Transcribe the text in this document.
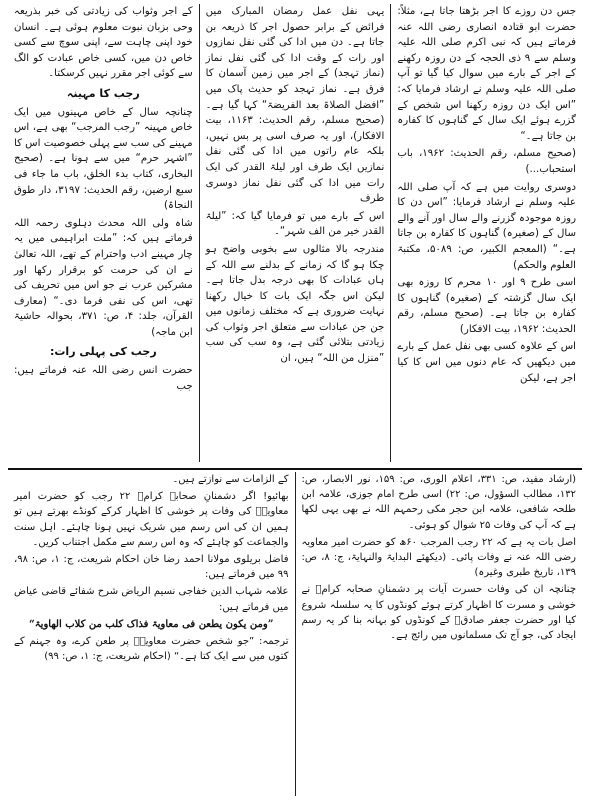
جس دن روزے کا اجر بڑھتا جاتا ہے، مثلاً: حضرت ابو قتادہ انصاری رضی اللہ عنہ فرماتے ہیں کہ نبی اکرم صلی اللہ علیہ وسلم سے ۹ ذی الحجہ کے دن روزہ رکھنے کے اجر کے بارے میں سوال کیا گیا تو آپ صلی اللہ علیہ وسلم نے ارشاد فرمایا کہ: ”اس ایک دن روزہ رکھنا اس شخص کے گزرے ہوئے ایک سال کے گناہوں کا کفارہ بن جاتا ہے۔“

(صحیح مسلم، رقم الحدیث: ۱۹۶۲، باب استحباب...)

دوسری روایت میں ہے کہ آپ صلی اللہ علیہ وسلم نے ارشاد فرمایا: ”اس دن کا روزہ موجودہ گزرنے والے سال اور آنے والے سال کے (صغیرہ) گناہوں کا کفارہ بن جاتا ہے۔“ (المعجم الکبیر، ص: ۵۰۸۹، مکتبۃ العلوم والحکم)

اسی طرح ۹ اور ۱۰ محرم کا روزہ بھی ایک سال گزشتہ کے (صغیرہ) گناہوں کا کفارہ بن جاتا ہے۔ (صحیح مسلم، رقم الحدیث: ۱۹۶۲، بیت الافکار)

اس کے علاوہ کسی بھی نفل عمل کے بارے میں دیکھیں کہ عام دنوں میں اس کا کیا اجر ہے، لیکن

یہی نفل عمل رمضان المبارک میں فرائض کے برابر حصول اجر کا ذریعہ بن جاتا ہے۔ دن میں ادا کی گئی نفل نمازوں اور رات کے وقت ادا کی گئی نفل نماز (نماز تہجد) کے اجر میں زمین آسمان کا فرق ہے۔ نماز تہجد کو حدیث پاک میں ”افضل الصلاۃ بعد الفریضۃ“ کہا گیا ہے۔ (صحیح مسلم، رقم الحدیث: ۱۱۶۳، بیت الافکار)، اور یہ صرف اسی پر بس نہیں، بلکہ عام راتوں میں ادا کی گئی نفل نمازیں ایک طرف اور لیلۃ القدر کی ایک رات میں ادا کی گئی نفل نماز دوسری طرف

اس کے بارے میں تو فرمایا گیا کہ: ”لیلۃ القدر خیر من الف شہر“۔

مندرجہ بالا مثالوں سے بخوبی واضح ہو چکا ہو گا کہ زمانے کے بدلنے سے اللہ کے ہاں عبادات کا بھی درجہ بدل جاتا ہے۔ لیکن اس جگہ ایک بات کا خیال رکھنا نہایت ضروری ہے کہ مختلف زمانوں میں جن جن عبادات سے متعلق اجر وثواب کی زیادتی بتلائی گئی ہے، وہ سب کی سب ”منزل من اللہ“ ہیں، ان

کے اجر وثواب کی زیادتی کی خبر بذریعہ وحی بزبان نبوت معلوم ہوئی ہے۔ انسان خود اپنی چاہت سے، اپنی سوچ سے کسی خاص دن میں، کسی خاص عبادت کو الگ سے کوئی اجر مقرر نہیں کرسکتا۔

رجب کا مہینہ

چنانچہ سال کے خاص مہینوں میں ایک خاص مہینہ ”رجب المرجب“ بھی ہے، اس مہینے کی سب سے پہلی خصوصیت اس کا ”اشہر حرم“ میں سے ہونا ہے۔ (صحیح البخاری، کتاب بدء الخلق، باب ما جاء فی سبع ارضین، رقم الحدیث: ۳۱۹۷، دار طوق النجاۃ)

شاہ ولی اللہ محدث دہلوی رحمہ اللہ فرماتے ہیں کہ: ”ملت ابراہیمی میں یہ چار مہینے ادب واحترام کے تھے، اللہ تعالیٰ نے ان کی حرمت کو برقرار رکھا اور مشرکین عرب نے جو اس میں تحریف کی تھی، اس کی نفی فرما دی۔“ (معارف القرآن، جلد: ۴، ص: ۳۷۱، بحوالہ حاشیۃ ابن ماجہ)

رجب کی پہلی رات:

حضرت انس رضی اللہ عنہ فرماتے ہیں: جب

(ارشاد مفید، ص: ۳۳۱، اعلام الوری، ص: ۱۵۹، نور الابصار، ص: ۱۳۲، مطالب السؤول، ص: ۲۲) اسی طرح امام جوزی، علامہ ابن طلحہ شافعی، علامہ ابن حجر مکی رحمہم اللہ نے بھی یہی لکھا ہے کہ آپ کی وفات ۲۵ شوال کو ہوئی۔

اصل بات یہ ہے کہ ۲۲ رجب المرجب ۶۰ھ کو حضرت امیر معاویہ رضی اللہ عنہ نے وفات پائی۔ (دیکھئے البدایۃ والنہایۃ، ج: ۸، ص: ۱۳۹، تاریخ طبری وغیرہ)

چنانچہ ان کی وفات حسرت آیات پر دشمنانِ صحابہ کرامؓ نے خوشی و مسرت کا اظہار کرتے ہوئے کونڈوں کا یہ سلسلہ شروع کیا اور حضرت جعفر صادقؒ کے کونڈوں کو بہانہ بنا کر یہ رسم ایجاد کی، جو آج تک مسلمانوں میں رائج ہے۔

کے الزامات سے نوازتے ہیں۔

بھائیو! اگر دشمنانِ صحابہ کرامؓ ۲۲ رجب کو حضرت امیر معاویہؓ کی وفات پر خوشی کا اظہار کرکے کونڈے بھرتے ہیں تو ہمیں ان کی اس رسم میں شریک نہیں ہونا چاہئے۔ اہل سنت والجماعت کو چاہئے کہ وہ اس رسم سے مکمل اجتناب کریں۔

فاضل بریلوی مولانا احمد رضا خان احکام شریعت، ج: ۱، ص: ۹۸، ۹۹ میں فرماتے ہیں:

علامہ شہاب الدین خفاجی نسیم الریاض شرح شفائے قاضی عیاض میں فرماتے ہیں:

”ومن یکون یطعن فی معاویۃ فذاک کلب من کلاب الھاویۃ“

ترجمہ: ”جو شخص حضرت معاویہؓ پر طعن کرے، وہ جہنم کے کتوں میں سے ایک کتا ہے۔“ (احکام شریعت، ج: ۱، ص: ۹۹)
